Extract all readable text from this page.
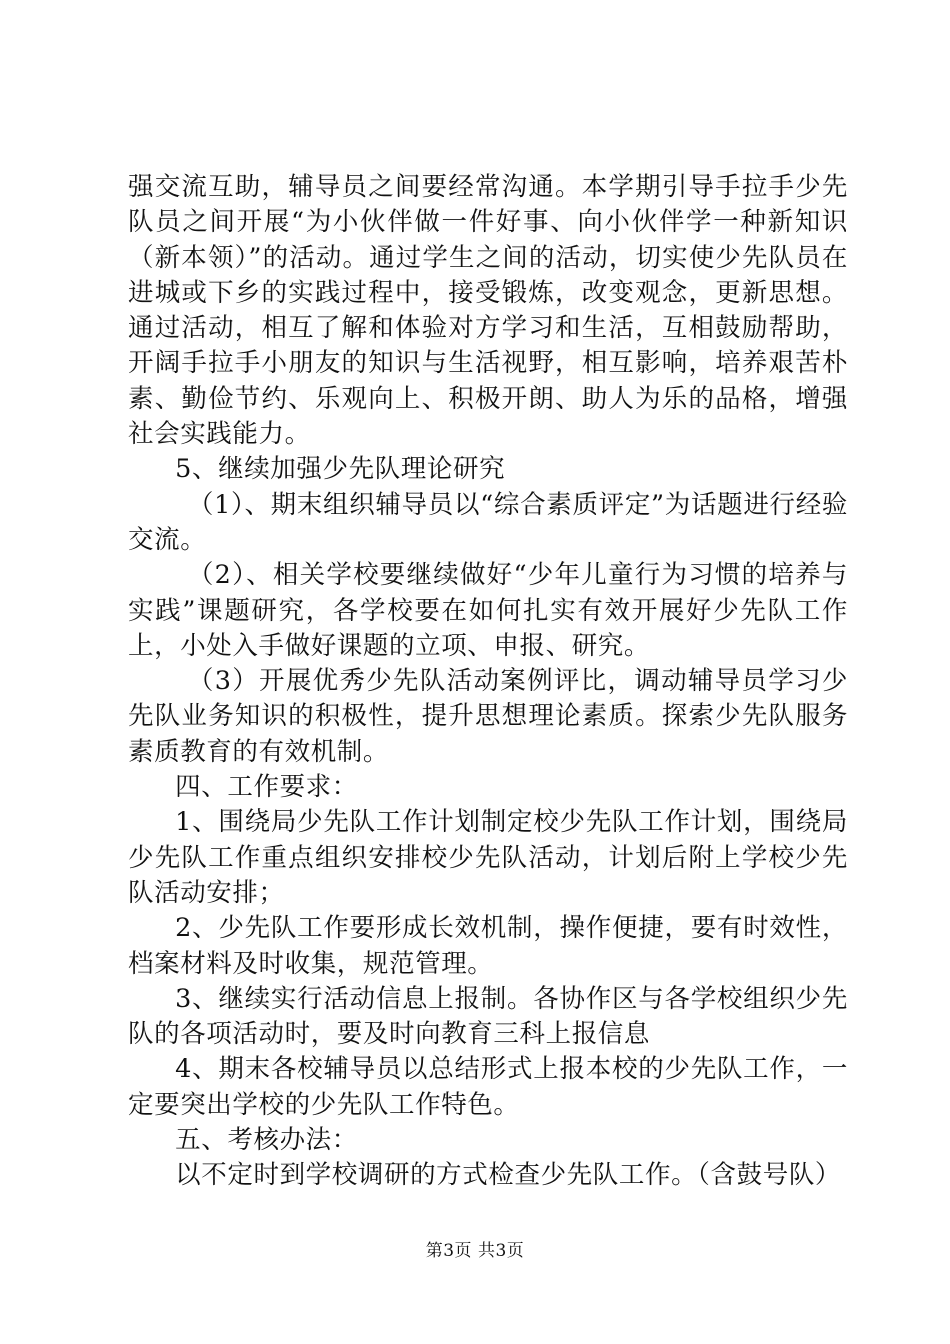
强交流互助，辅导员之间要经常沟通。本学期引导手拉手少先队员之间开展“为小伙伴做一件好事、向小伙伴学一种新知识（新本领）”的活动。通过学生之间的活动，切实使少先队员在进城或下乡的实践过程中，接受锻炼，改变观念，更新思想。通过活动，相互了解和体验对方学习和生活，互相鼓励帮助，开阔手拉手小朋友的知识与生活视野，相互影响，培养艰苦朴素、勤俭节约、乐观向上、积极开朗、助人为乐的品格，增强社会实践能力。

5、继续加强少先队理论研究

（1）、期末组织辅导员以“综合素质评定”为话题进行经验交流。

（2）、相关学校要继续做好“少年儿童行为习惯的培养与实践”课题研究，各学校要在如何扎实有效开展好少先队工作上，小处入手做好课题的立项、申报、研究。

（3）开展优秀少先队活动案例评比，调动辅导员学习少先队业务知识的积极性，提升思想理论素质。探索少先队服务素质教育的有效机制。

四、工作要求：

1、围绕局少先队工作计划制定校少先队工作计划，围绕局少先队工作重点组织安排校少先队活动，计划后附上学校少先队活动安排；

2、少先队工作要形成长效机制，操作便捷，要有时效性，档案材料及时收集，规范管理。

3、继续实行活动信息上报制。各协作区与各学校组织少先队的各项活动时，要及时向教育三科上报信息

4、期末各校辅导员以总结形式上报本校的少先队工作，一定要突出学校的少先队工作特色。

五、考核办法：

以不定时到学校调研的方式检查少先队工作。（含鼓号队）

第3页 共3页
